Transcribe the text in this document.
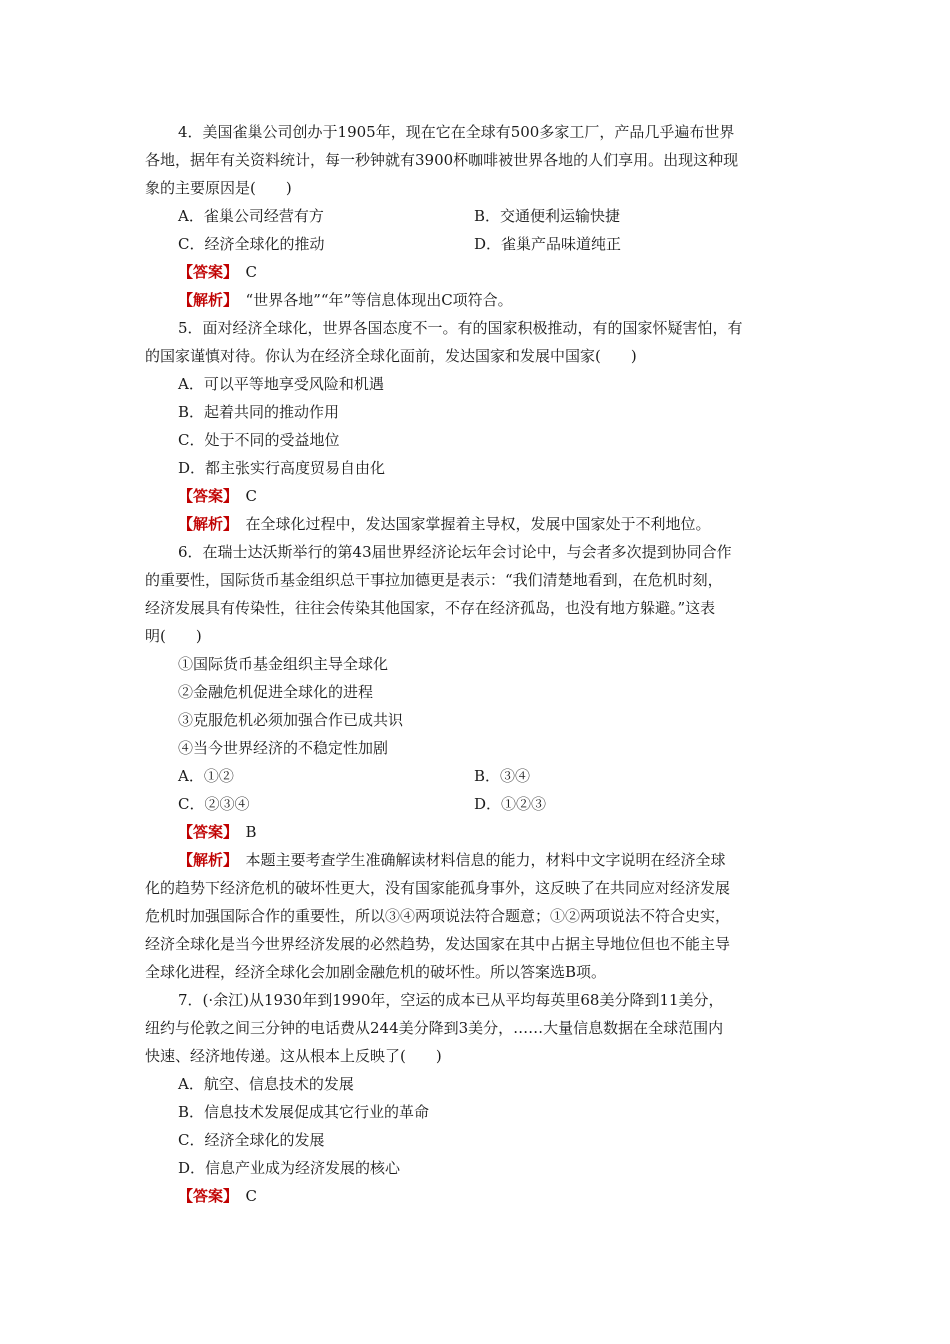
4．美国雀巢公司创办于1905年，现在它在全球有500多家工厂，产品几乎遍布世界
各地，据年有关资料统计，每一秒钟就有3900杯咖啡被世界各地的人们享用。出现这种现
象的主要原因是(　　)
A．雀巢公司经营有方	B．交通便利运输快捷
C．经济全球化的推动	D．雀巢产品味道纯正
【答案】　 C
【解析】　 “世界各地”“年”等信息体现出C项符合。
5．面对经济全球化，世界各国态度不一。有的国家积极推动，有的国家怀疑害怕，有
的国家谨慎对待。你认为在经济全球化面前，发达国家和发展中国家(　　)
A．可以平等地享受风险和机遇
B．起着共同的推动作用
C．处于不同的受益地位
D．都主张实行高度贸易自由化
【答案】　 C
【解析】　 在全球化过程中，发达国家掌握着主导权，发展中国家处于不利地位。
6．在瑞士达沃斯举行的第43届世界经济论坛年会讨论中，与会者多次提到协同合作
的重要性，国际货币基金组织总干事拉加德更是表示：“我们清楚地看到，在危机时刻，
经济发展具有传染性，往往会传染其他国家，不存在经济孤岛，也没有地方躲避。”这表
明(　　)
①国际货币基金组织主导全球化
②金融危机促进全球化的进程
③克服危机必须加强合作已成共识
④当今世界经济的不稳定性加剧
A．①②	B．③④
C．②③④	D．①②③
【答案】　 B
【解析】　 本题主要考查学生准确解读材料信息的能力，材料中文字说明在经济全球
化的趋势下经济危机的破坏性更大，没有国家能孤身事外，这反映了在共同应对经济发展
危机时加强国际合作的重要性，所以③④两项说法符合题意；①②两项说法不符合史实，
经济全球化是当今世界经济发展的必然趋势，发达国家在其中占据主导地位但也不能主导
全球化进程，经济全球化会加剧金融危机的破坏性。所以答案选B项。
7．(·余江)从1930年到1990年，空运的成本已从平均每英里68美分降到11美分，
纽约与伦敦之间三分钟的电话费从244美分降到3美分，……大量信息数据在全球范围内
快速、经济地传递。这从根本上反映了(　　)
A．航空、信息技术的发展
B．信息技术发展促成其它行业的革命
C．经济全球化的发展
D．信息产业成为经济发展的核心
【答案】　 C
